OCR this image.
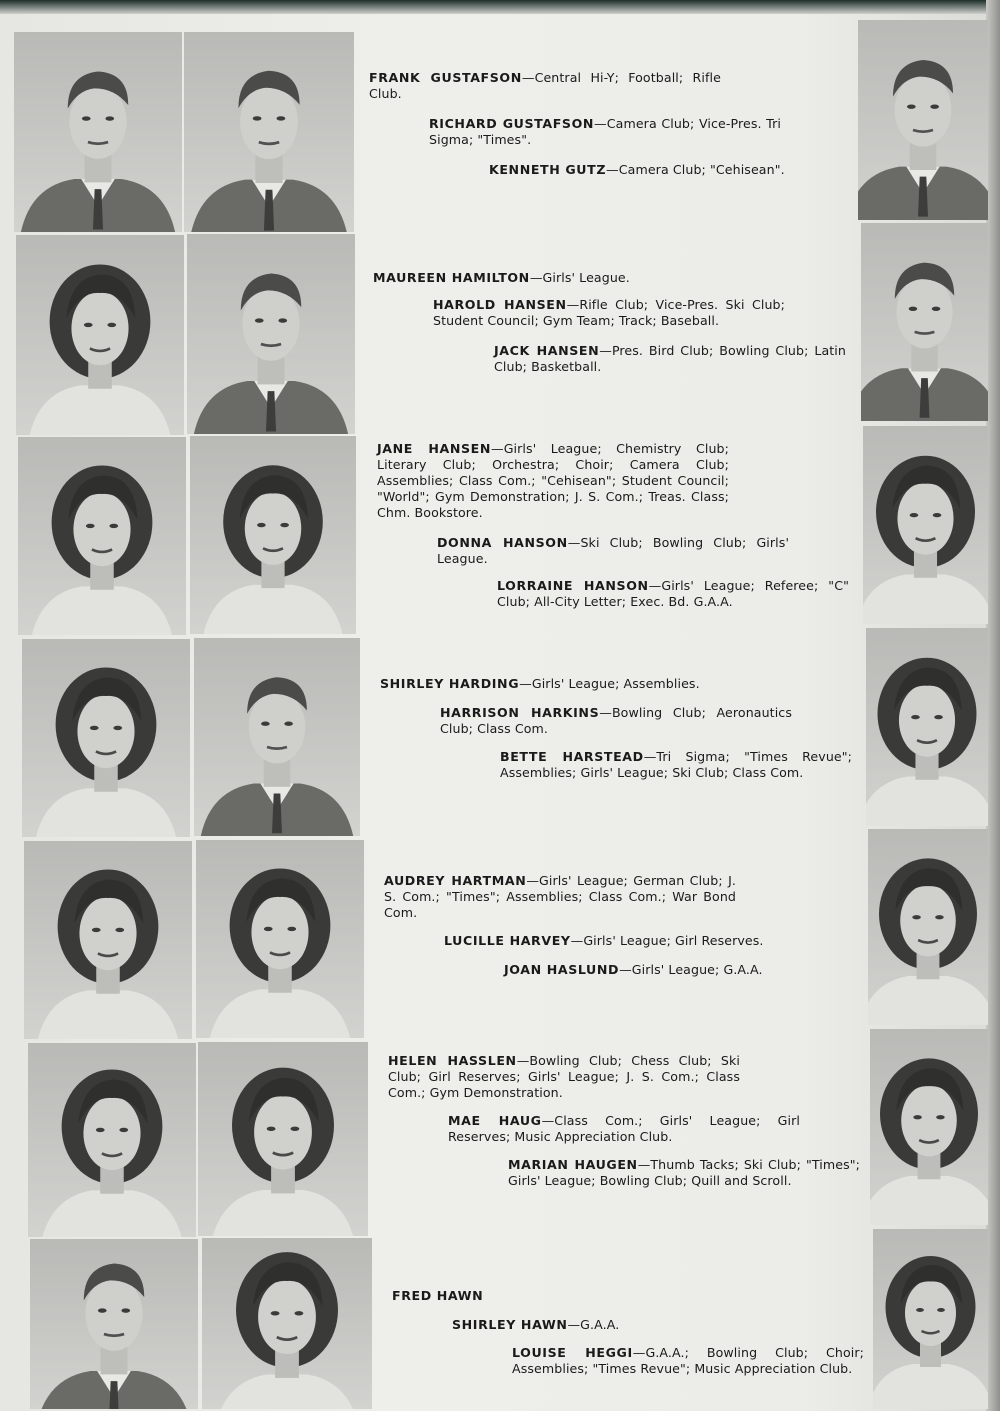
FRANK GUSTAFSON—Central Hi-Y; Football; Rifle Club.
RICHARD GUSTAFSON—Camera Club; Vice-Pres. Tri Sigma; "Times".
KENNETH GUTZ—Camera Club; "Cehisean".
MAUREEN HAMILTON—Girls' League.
HAROLD HANSEN—Rifle Club; Vice-Pres. Ski Club; Student Council; Gym Team; Track; Baseball.
JACK HANSEN—Pres. Bird Club; Bowling Club; Latin Club; Basketball.
JANE HANSEN—Girls' League; Chemistry Club; Literary Club; Orchestra; Choir; Camera Club; Assemblies; Class Com.; "Cehisean"; Student Council; "World"; Gym Demonstration; J. S. Com.; Treas. Class; Chm. Bookstore.
DONNA HANSON—Ski Club; Bowling Club; Girls' League.
LORRAINE HANSON—Girls' League; Referee; "C" Club; All-City Letter; Exec. Bd. G.A.A.
SHIRLEY HARDING—Girls' League; Assemblies.
HARRISON HARKINS—Bowling Club; Aeronautics Club; Class Com.
BETTE HARSTEAD—Tri Sigma; "Times Revue"; Assemblies; Girls' League; Ski Club; Class Com.
AUDREY HARTMAN—Girls' League; German Club; J. S. Com.; "Times"; Assemblies; Class Com.; War Bond Com.
LUCILLE HARVEY—Girls' League; Girl Reserves.
JOAN HASLUND—Girls' League; G.A.A.
HELEN HASSLEN—Bowling Club; Chess Club; Ski Club; Girl Reserves; Girls' League; J. S. Com.; Class Com.; Gym Demonstration.
MAE HAUG—Class Com.; Girls' League; Girl Reserves; Music Appreciation Club.
MARIAN HAUGEN—Thumb Tacks; Ski Club; "Times"; Girls' League; Bowling Club; Quill and Scroll.
FRED HAWN
SHIRLEY HAWN—G.A.A.
LOUISE HEGGI—G.A.A.; Bowling Club; Choir; Assemblies; "Times Revue"; Music Appreciation Club.
